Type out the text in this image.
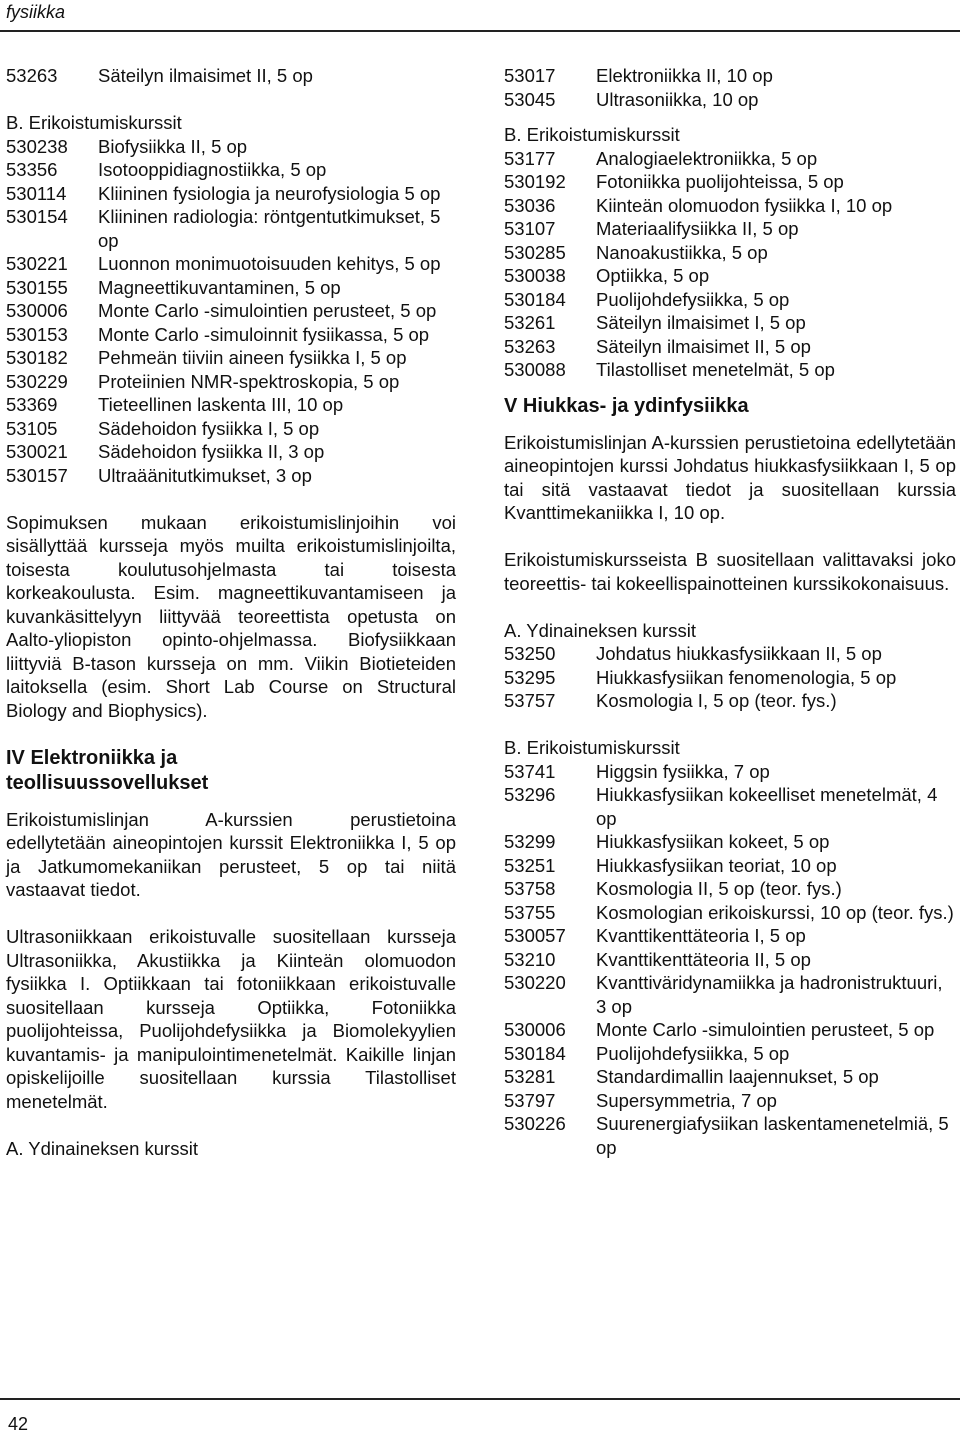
fysiikka
53263	Säteilyn ilmaisimet II, 5 op
B. Erikoistumiskurssit
530238	Biofysiikka II, 5 op
53356	Isotooppidiagnostiikka, 5 op
530114	Kliininen fysiologia ja neurofysiologia 5 op
530154	Kliininen radiologia: röntgentutkimukset, 5 op
530221	Luonnon monimuotoisuuden kehitys, 5 op
530155	Magneettikuvantaminen, 5 op
530006	Monte Carlo -simulointien perusteet, 5 op
530153	Monte Carlo -simuloinnit fysiikassa, 5 op
530182	Pehmeän tiiviin aineen fysiikka I, 5 op
530229	Proteiinien NMR-spektroskopia, 5 op
53369	Tieteellinen laskenta III, 10 op
53105	Sädehoidon fysiikka I, 5 op
530021	Sädehoidon fysiikka II, 3 op
530157	Ultraäänitutkimukset, 3 op
Sopimuksen mukaan erikoistumislinjoihin voi sisällyttää kursseja myös muilta erikoistumislinjoilta, toisesta koulutusohjelmasta tai toisesta korkeakoulusta. Esim. magneettikuvantamiseen ja kuvankäsittelyyn liittyvää teoreettista opetusta on Aalto-yliopiston opinto-ohjelmassa. Biofysiikkaan liittyviä B-tason kursseja on mm. Viikin Biotieteiden laitoksella (esim. Short Lab Course on Structural Biology and Biophysics).
IV Elektroniikka ja
teollisuussovellukset
Erikoistumislinjan A-kurssien perustietoina edellytetään aineopintojen kurssit Elektroniikka I, 5 op ja Jatkumomekaniikan perusteet, 5 op tai niitä vastaavat tiedot.
Ultrasoniikkaan erikoistuvalle suositellaan kursseja Ultrasoniikka, Akustiikka ja Kiinteän olomuodon fysiikka I. Optiikkaan tai fotoniikkaan erikoistuvalle suositellaan kursseja Optiikka, Fotoniikka puolijohteissa, Puolijohdefysiikka ja Biomolekyylien kuvantamis- ja manipulointimenetelmät. Kaikille linjan opiskelijoille suositellaan kurssia Tilastolliset menetelmät.
A. Ydinaineksen kurssit
53017	Elektroniikka II, 10 op
53045	Ultrasoniikka, 10 op
B. Erikoistumiskurssit
53177	Analogiaelektroniikka, 5 op
530192	Fotoniikka puolijohteissa, 5 op
53036	Kiinteän olomuodon fysiikka I, 10 op
53107	Materiaalifysiikka II, 5 op
530285	Nanoakustiikka, 5 op
530038	Optiikka, 5 op
530184	Puolijohdefysiikka, 5 op
53261	Säteilyn ilmaisimet I, 5 op
53263	Säteilyn ilmaisimet II, 5 op
530088	Tilastolliset menetelmät, 5 op
V Hiukkas- ja ydinfysiikka
Erikoistumislinjan A-kurssien perustietoina edellytetään aineopintojen kurssi Johdatus hiukkasfysiikkaan I, 5 op tai sitä vastaavat tiedot ja suositellaan kurssia Kvanttimekaniikka I, 10 op.
Erikoistumiskursseista B suositellaan valittavaksi joko teoreettis- tai kokeellispainotteinen kurssikokonaisuus.
A. Ydinaineksen kurssit
53250	Johdatus hiukkasfysiikkaan II, 5 op
53295	Hiukkasfysiikan fenomenologia, 5 op
53757	Kosmologia I, 5 op (teor. fys.)
B. Erikoistumiskurssit
53741	Higgsin fysiikka, 7 op
53296	Hiukkasfysiikan kokeelliset menetelmät, 4 op
53299	Hiukkasfysiikan kokeet, 5 op
53251	Hiukkasfysiikan teoriat, 10 op
53758	Kosmologia II, 5 op (teor. fys.)
53755	Kosmologian erikoiskurssi, 10 op (teor. fys.)
530057	Kvanttikenttäteoria I, 5 op
53210	Kvanttikenttäteoria II, 5 op
530220	Kvanttiväridynamiikka ja hadronistruktuuri, 3 op
530006	Monte Carlo -simulointien perusteet, 5 op
530184	Puolijohdefysiikka, 5 op
53281	Standardimallin laajennukset, 5 op
53797	Supersymmetria, 7 op
530226	Suurenergiafysiikan laskentamenetelmiä, 5 op
42
